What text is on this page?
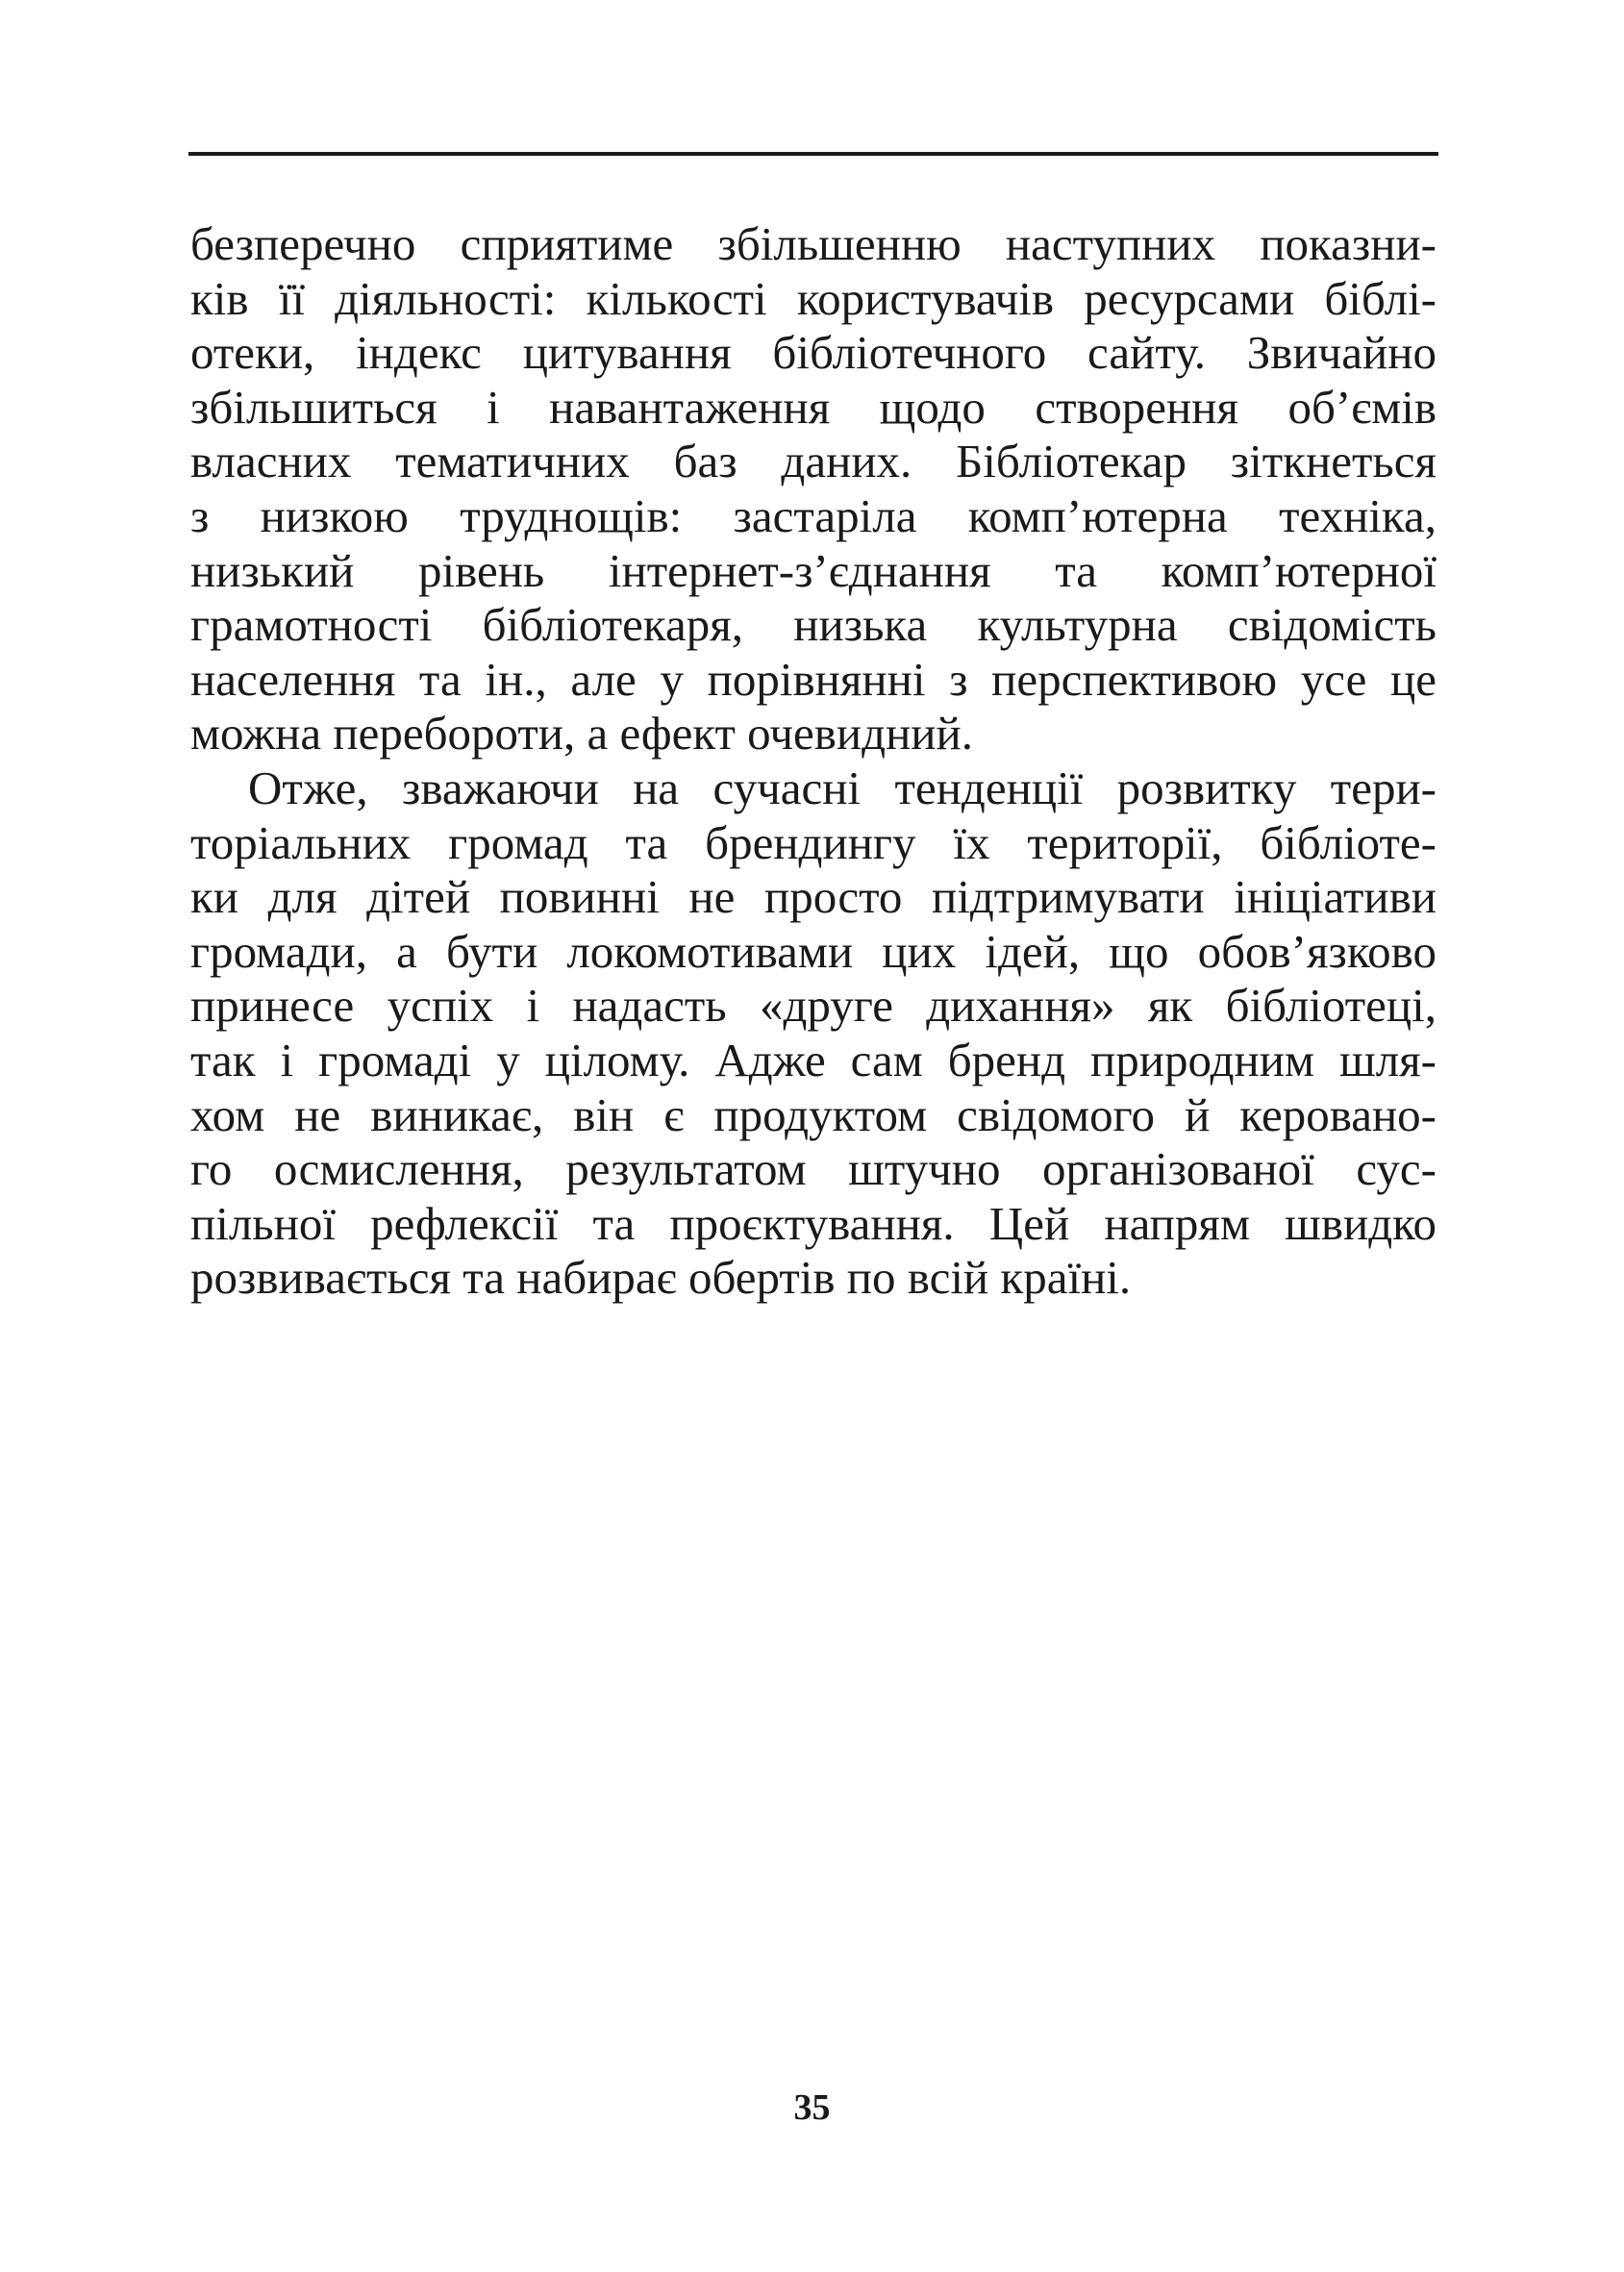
безперечно сприятиме збільшенню наступних показни-
ків її діяльності: кількості користувачів ресурсами біблі-
отеки, індекс цитування бібліотечного сайту. Звичайно
збільшиться і навантаження щодо створення об’ємів
власних тематичних баз даних. Бібліотекар зіткнеться
з низкою труднощів: застаріла комп’ютерна техніка,
низький рівень інтернет-з’єднання та комп’ютерної
грамотності бібліотекаря, низька культурна свідомість
населення та ін., але у порівнянні з перспективою усе це
можна перебороти, а ефект очевидний.
Отже, зважаючи на сучасні тенденції розвитку тери-
торіальних громад та брендингу їх території, бібліоте-
ки для дітей повинні не просто підтримувати ініціативи
громади, а бути локомотивами цих ідей, що обов’язково
принесе успіх і надасть «друге дихання» як бібліотеці,
так і громаді у цілому. Адже сам бренд природним шля-
хом не виникає, він є продуктом свідомого й керовано-
го осмислення, результатом штучно організованої сус-
пільної рефлексії та проєктування. Цей напрям швидко
розвивається та набирає обертів по всій країні.
35
